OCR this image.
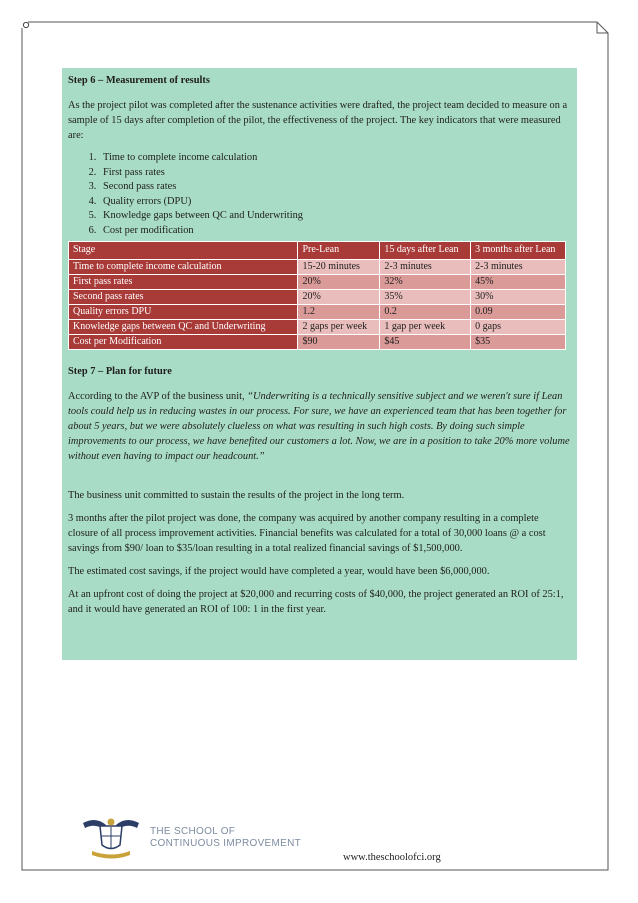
Step 6 – Measurement of results

As the project pilot was completed after the sustenance activities were drafted, the project team decided to measure on a sample of 15 days after completion of the pilot, the effectiveness of the project. The key indicators that were measured are:

1. Time to complete income calculation
2. First pass rates
3. Second pass rates
4. Quality errors (DPU)
5. Knowledge gaps between QC and Underwriting
6. Cost per modification
Stage	Pre-Lean	15 days after Lean	3 months after Lean
Time to complete income calculation	15-20 minutes	2-3 minutes	2-3 minutes
First pass rates	20%	32%	45%
Second pass rates	20%	35%	30%
Quality errors DPU	1.2	0.2	0.09
Knowledge gaps between QC and Underwriting	2 gaps per week	1 gap per week	0 gaps
Cost per Modification	$90	$45	$35
Step 7 – Plan for future

According to the AVP of the business unit, “Underwriting is a technically sensitive subject and we weren't sure if Lean tools could help us in reducing wastes in our process. For sure, we have an experienced team that has been together for about 5 years, but we were absolutely clueless on what was resulting in such high costs. By doing such simple improvements to our process, we have benefited our customers a lot. Now, we are in a position to take 20% more volume without even having to impact our headcount.”

The business unit committed to sustain the results of the project in the long term.

3 months after the pilot project was done, the company was acquired by another company resulting in a complete closure of all process improvement activities. Financial benefits was calculated for a total of 30,000 loans @ a cost savings from $90/ loan to $35/loan resulting in a total realized financial savings of $1,500,000.

The estimated cost savings, if the project would have completed a year, would have been $6,000,000.

At an upfront cost of doing the project at $20,000 and recurring costs of $40,000, the project generated an ROI of 25:1, and it would have generated an ROI of 100: 1 in the first year.

THE SCHOOL OF
CONTINUOUS IMPROVEMENT
www.theschoolofci.org
